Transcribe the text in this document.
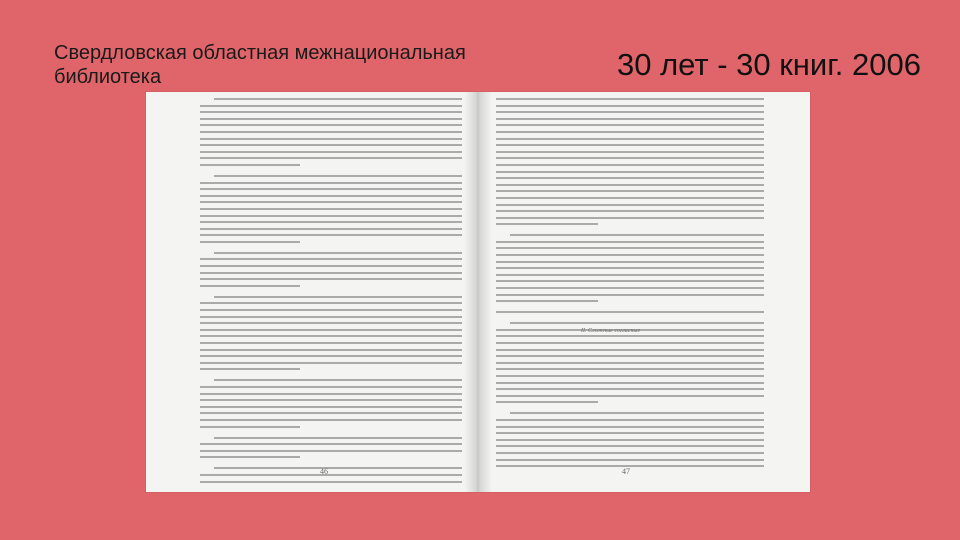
Свердловская областная межнациональная библиотека	30 лет - 30 книг. 2006
II. Сложные согласные
46	47
